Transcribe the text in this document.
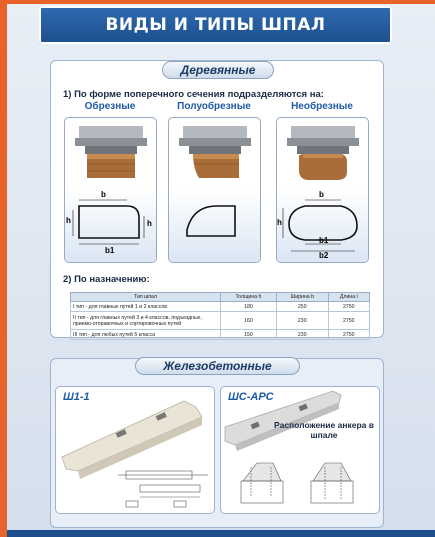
ВИДЫ И ТИПЫ ШПАЛ
Деревянные
1) По форме поперечного сечения подразделяются на:
Обрезные	Полуобрезные	Необрезные
b
h	h
b1
b
h
b1
b2
2) По назначению:
Тип шпал	Толщина h	Ширина b	Длина l
I тип - для главных путей 1 и 2 классов	180	250	2750
II тип - для главных путей 3 и 4 классов, подъездных, приемо-отправочных и сортировочных путей	160	230	2750
III тип - для любых путей 5 класса	150	230	2750
Железобетонные
Ш1-1	ШС-АРС
Расположение анкера в шпале
